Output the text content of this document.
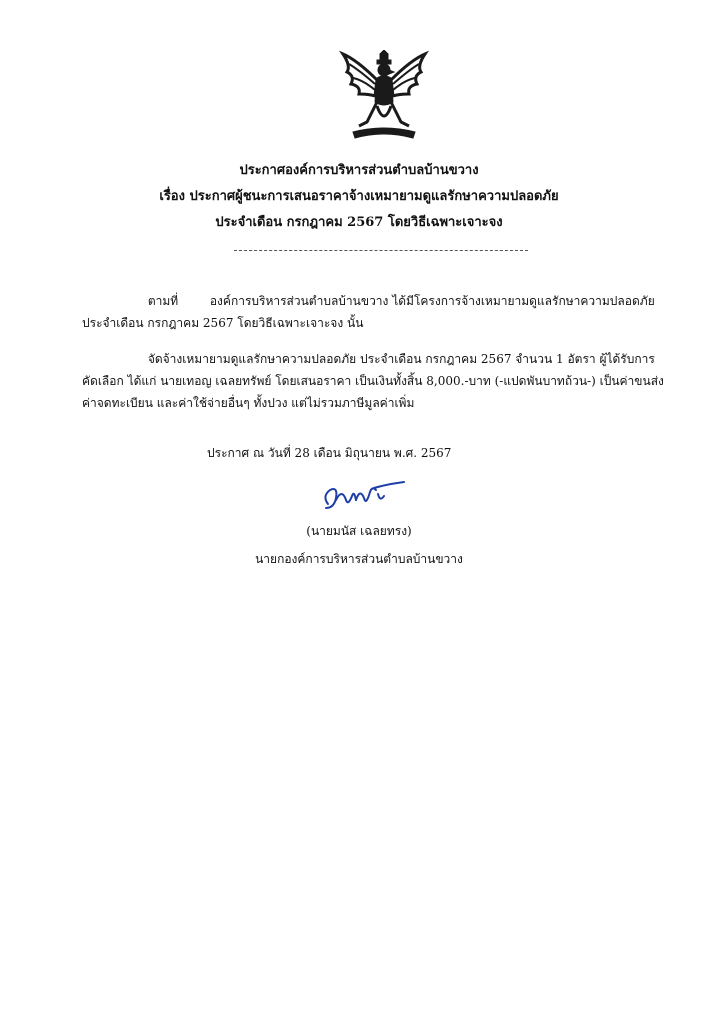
ประกาศองค์การบริหารส่วนตำบลบ้านขวาง
เรื่อง ประกาศผู้ชนะการเสนอราคาจ้างเหมายามดูแลรักษาความปลอดภัย
ประจำเดือน กรกฎาคม 2567 โดยวิธีเฉพาะเจาะจง
ตามที่	องค์การบริหารส่วนตำบลบ้านขวาง ได้มีโครงการจ้างเหมายามดูแลรักษาความปลอดภัย
ประจำเดือน กรกฎาคม 2567 โดยวิธีเฉพาะเจาะจง นั้น
จัดจ้างเหมายามดูแลรักษาความปลอดภัย ประจำเดือน กรกฎาคม 2567 จำนวน 1 อัตรา ผู้ได้รับการ
คัดเลือก ได้แก่ นายเทอญ เฉลยทรัพย์ โดยเสนอราคา เป็นเงินทั้งสิ้น 8,000.-บาท (-แปดพันบาทถ้วน-) เป็นค่าขนส่ง
ค่าจดทะเบียน และค่าใช้จ่ายอื่นๆ ทั้งปวง แต่ไม่รวมภาษีมูลค่าเพิ่ม
ประกาศ ณ วันที่ 28 เดือน มิถุนายน พ.ศ. 2567
(นายมนัส เฉลยทรง)
นายกองค์การบริหารส่วนตำบลบ้านขวาง
